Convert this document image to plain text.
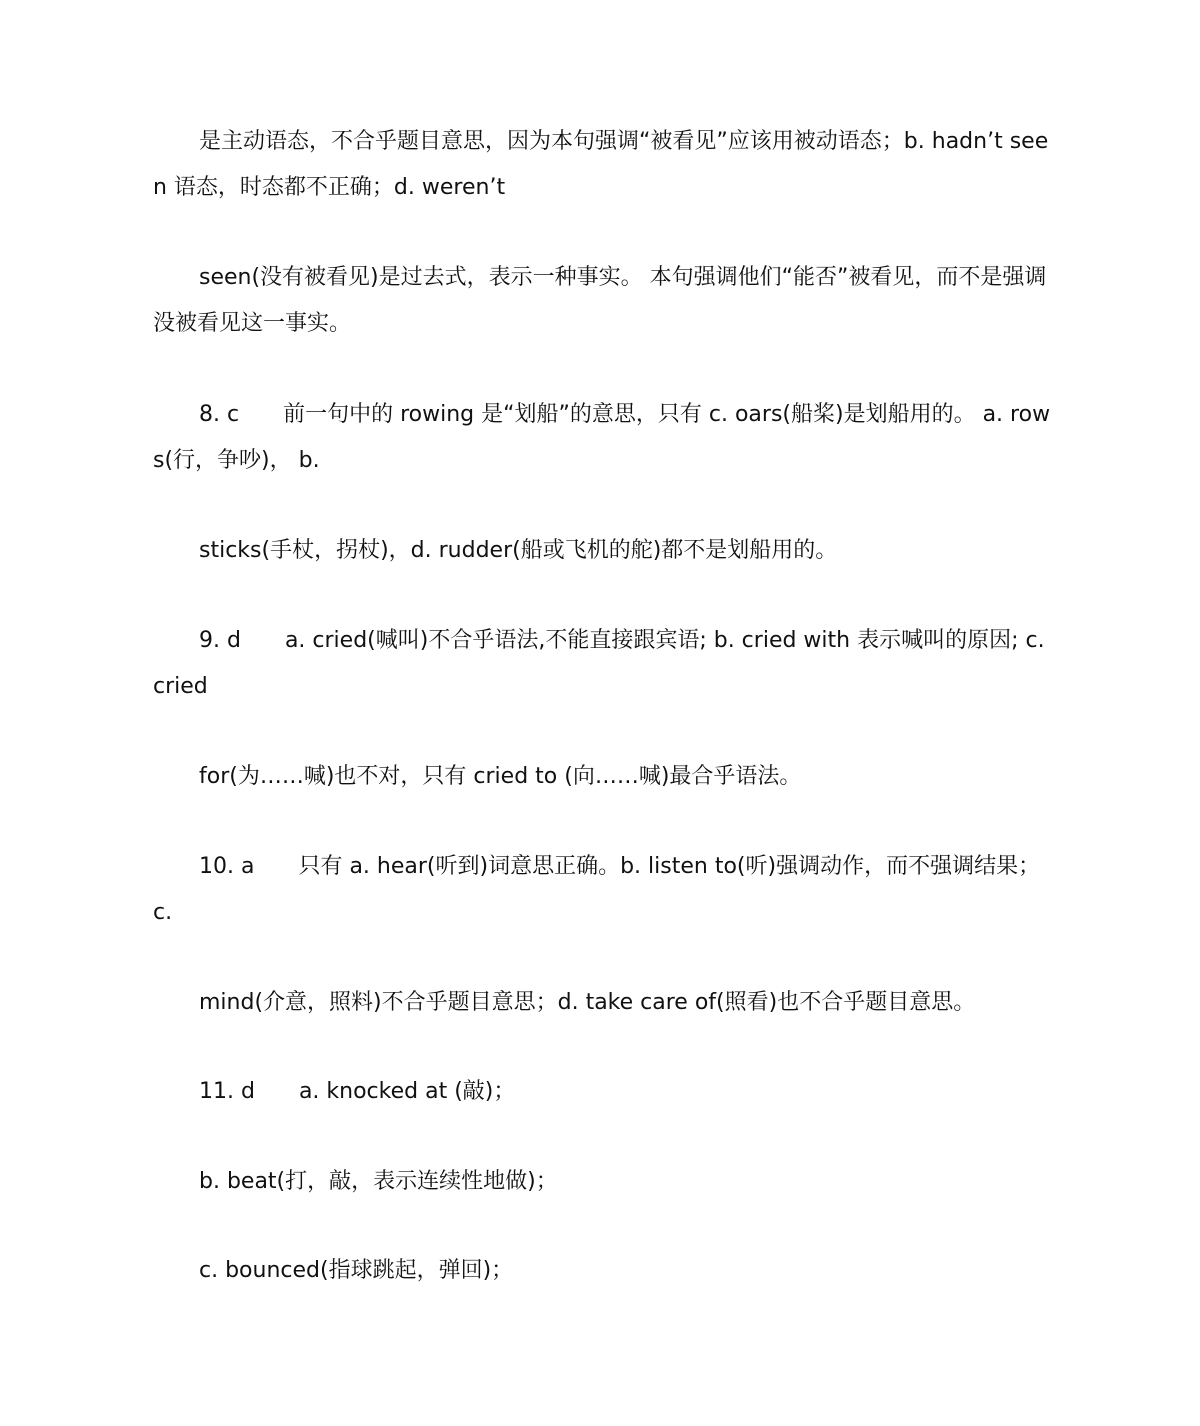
是主动语态，不合乎题目意思，因为本句强调“被看见”应该用被动语态；b. hadn’t seen 语态，时态都不正确；d. weren’t

seen(没有被看见)是过去式，表示一种事实。 本句强调他们“能否”被看见，而不是强调没被看见这一事实。

8. c　　前一句中的 rowing 是“划船”的意思，只有 c. oars(船桨)是划船用的。 a. rows(行，争吵)， b.

sticks(手杖，拐杖)，d. rudder(船或飞机的舵)都不是划船用的。

9. d　　a. cried(喊叫)不合乎语法,不能直接跟宾语; b. cried with 表示喊叫的原因; c. cried

for(为……喊)也不对，只有 cried to (向……喊)最合乎语法。

10. a　　只有 a. hear(听到)词意思正确。b. listen to(听)强调动作，而不强调结果；c.

mind(介意，照料)不合乎题目意思；d. take care of(照看)也不合乎题目意思。

11. d　　a. knocked at (敲)；

b. beat(打，敲，表示连续性地做)；

c. bounced(指球跳起，弹回)；
